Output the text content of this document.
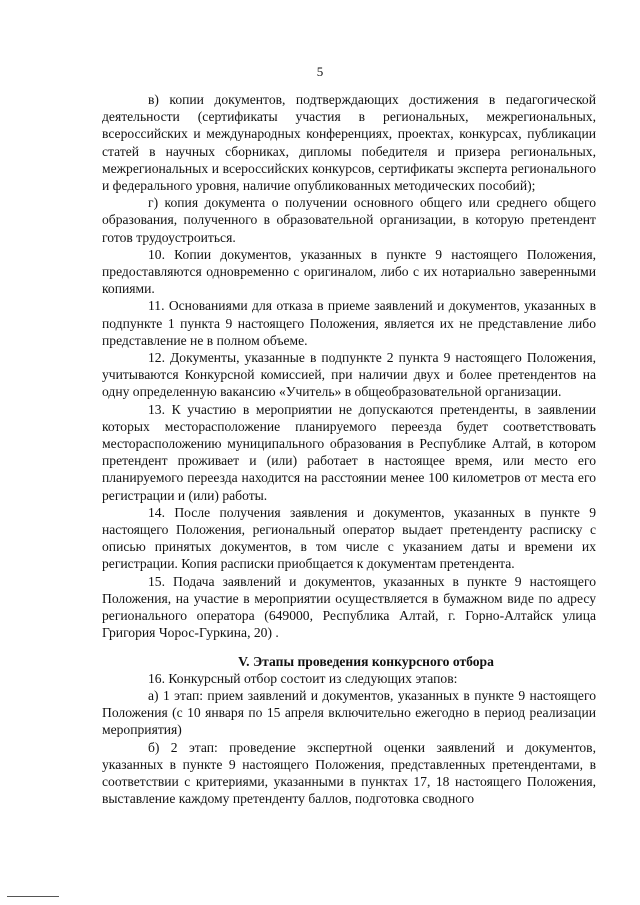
5

в) копии документов, подтверждающих достижения в педагогической деятельности (сертификаты участия в региональных, межрегиональных, всероссийских и международных конференциях, проектах, конкурсах, публикации статей в научных сборниках, дипломы победителя и призера региональных, межрегиональных и всероссийских конкурсов, сертификаты эксперта регионального и федерального уровня, наличие опубликованных методических пособий);

г) копия документа о получении основного общего или среднего общего образования, полученного в образовательной организации, в которую претендент готов трудоустроиться.

10. Копии документов, указанных в пункте 9 настоящего Положения, предоставляются одновременно с оригиналом, либо с их нотариально заверенными копиями.

11. Основаниями для отказа в приеме заявлений и документов, указанных в подпункте 1 пункта 9 настоящего Положения, является их не представление либо представление не в полном объеме.

12. Документы, указанные в подпункте 2 пункта 9 настоящего Положения, учитываются Конкурсной комиссией, при наличии двух и более претендентов на одну определенную вакансию «Учитель» в общеобразовательной организации.

13. К участию в мероприятии не допускаются претенденты, в заявлении которых месторасположение планируемого переезда будет соответствовать месторасположению муниципального образования в Республике Алтай, в котором претендент проживает и (или) работает в настоящее время, или место его планируемого переезда находится на расстоянии менее 100 километров от места его регистрации и (или) работы.

14. После получения заявления и документов, указанных в пункте 9 настоящего Положения, региональный оператор выдает претенденту расписку с описью принятых документов, в том числе с указанием даты и времени их регистрации. Копия расписки приобщается к документам претендента.

15. Подача заявлений и документов, указанных в пункте 9 настоящего Положения, на участие в мероприятии осуществляется в бумажном виде по адресу регионального оператора (649000, Республика Алтай, г. Горно-Алтайск улица Григория Чорос-Гуркина, 20) .

V. Этапы проведения конкурсного отбора

16. Конкурсный отбор состоит из следующих этапов:

а) 1 этап: прием заявлений и документов, указанных в пункте 9 настоящего Положения (с 10 января по 15 апреля включительно ежегодно в период реализации мероприятия)

б) 2 этап: проведение экспертной оценки заявлений и документов, указанных в пункте 9 настоящего Положения, представленных претендентами, в соответствии с критериями, указанными в пунктах 17, 18 настоящего Положения, выставление каждому претенденту баллов, подготовка сводного
